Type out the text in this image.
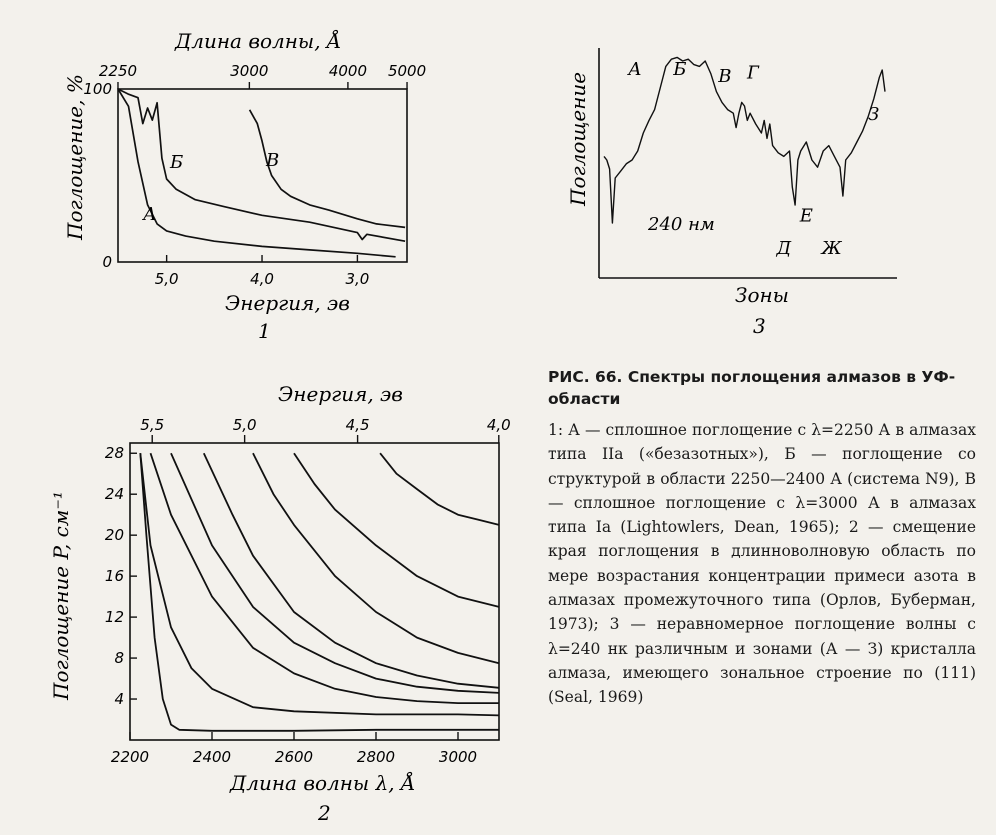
Длина волны, Å
2250	3000	4000 5000
5,0	4,0	3,0
100
0
Поглощение, %
Энергия, эв
1
А
Б	В
Энергия, эв
5,5	5,0	4,5	4,0
2200	2400	2600	2800	3000
4
8
12
16
20
24
28
Поглощение P, см⁻¹
Длина волны λ, Å
2
А Б В Г
Д
Е
Ж
З
Поглощение
Зоны
240 нм
3
РИС. 66. Спектры поглощения алмазов в УФ-области
1: А — сплошное поглощение с λ=2250 А в алмазах типа IIa («безазотных»), Б — поглощение со структурой в области 2250—2400 А (система N9), В — сплошное поглощение с λ=3000 А в алмазах типа Ia (Lightowlers, Dean, 1965); 2 — смещение края поглощения в длинноволновую область по мере возрастания концентрации примеси азота в алмазах промежуточного типа (Орлов, Буберман, 1973); 3 — неравномерное поглощение волны с λ=240 нк различным и зонами (А — З) кристалла алмаза, имеющего зональное строение по (111) (Seal, 1969)
